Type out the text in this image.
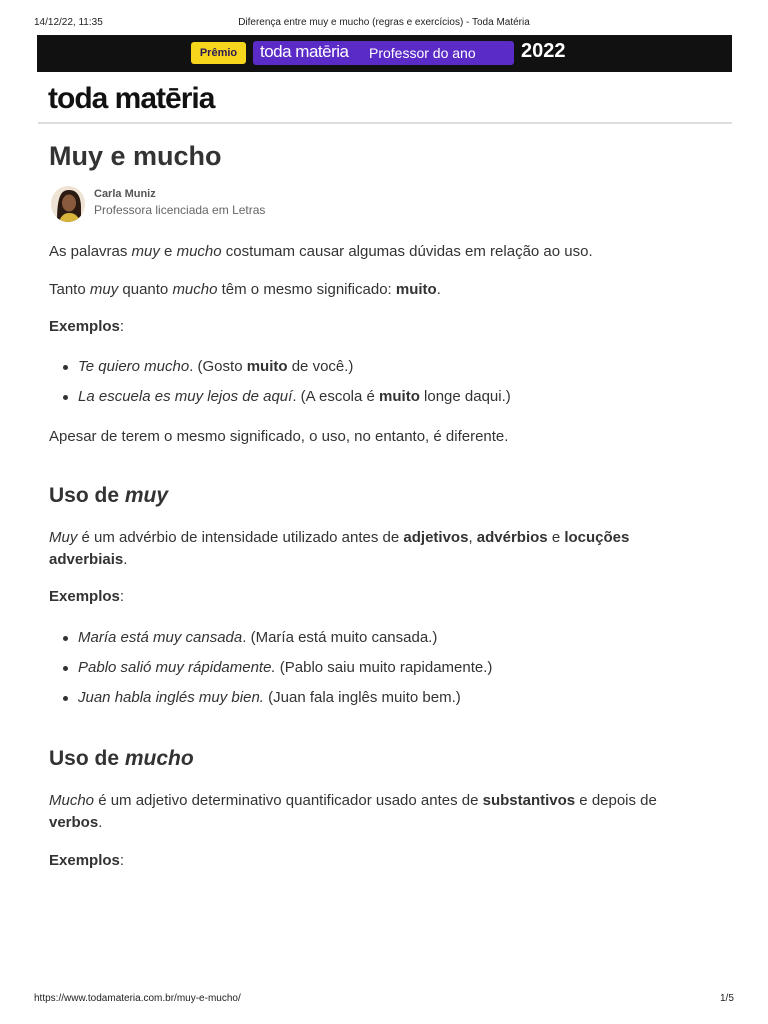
14/12/22, 11:35	Diferença entre muy e mucho (regras e exercícios) - Toda Matéria
Prêmio	toda matēria Professor do ano 2022
toda matēria
Muy e mucho
Carla Muniz
Professora licenciada em Letras

As palavras muy e mucho costumam causar algumas dúvidas em relação ao uso.

Tanto muy quanto mucho têm o mesmo significado: muito.

Exemplos:

Te quiero mucho. (Gosto muito de você.)
La escuela es muy lejos de aquí. (A escola é muito longe daqui.)

Apesar de terem o mesmo significado, o uso, no entanto, é diferente.

Uso de muy

Muy é um advérbio de intensidade utilizado antes de adjetivos, advérbios e locuções adverbiais.

Exemplos:

María está muy cansada. (María está muito cansada.)
Pablo salió muy rápidamente. (Pablo saiu muito rapidamente.)
Juan habla inglés muy bien. (Juan fala inglês muito bem.)
Uso de mucho

Mucho é um adjetivo determinativo quantificador usado antes de substantivos e depois de verbos.

Exemplos:

https://www.todamateria.com.br/muy-e-mucho/	1/5
